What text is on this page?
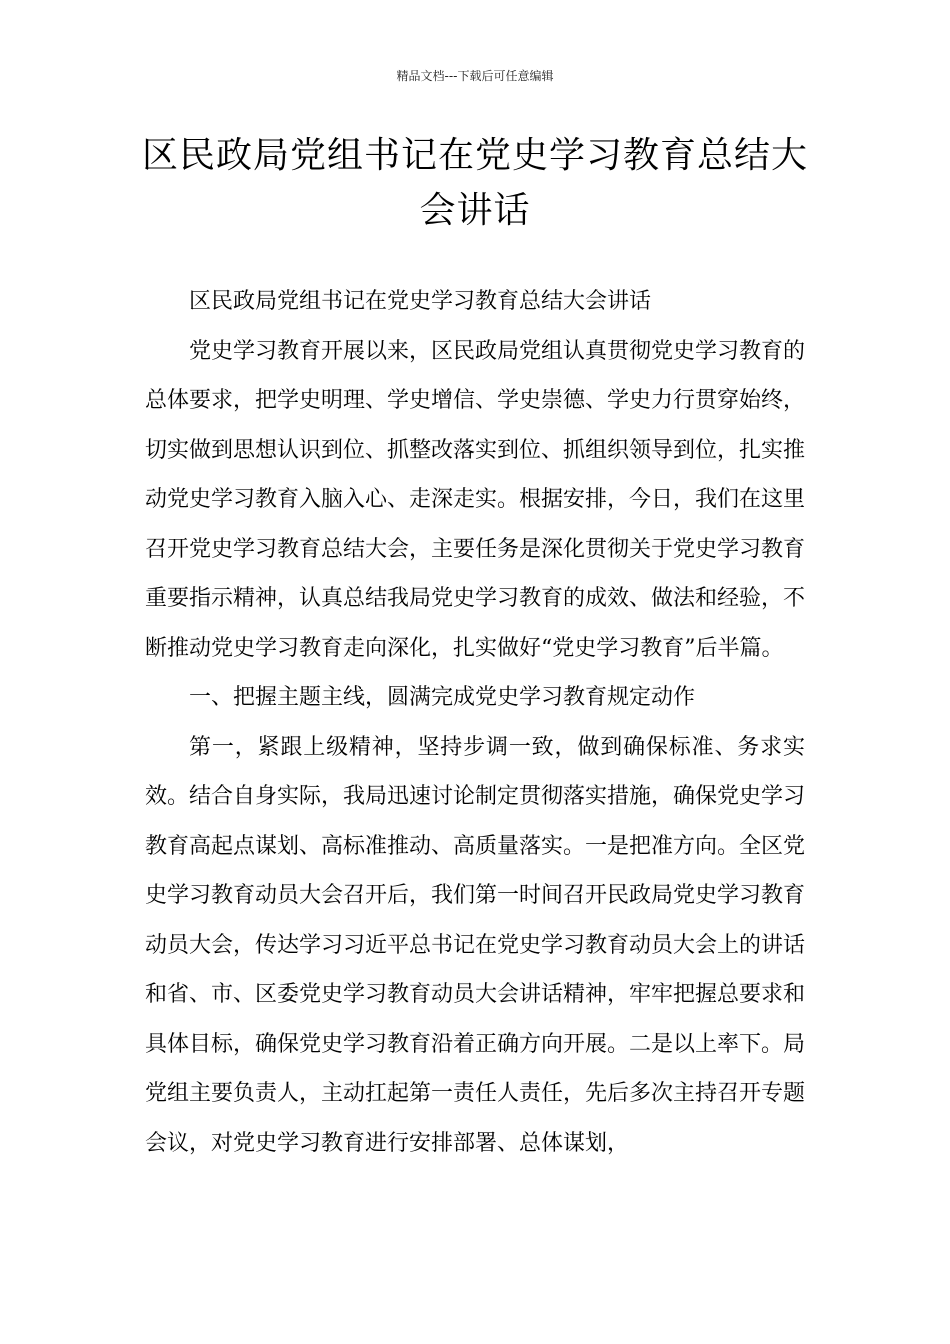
精品文档---下载后可任意编辑
区民政局党组书记在党史学习教育总结大会讲话

区民政局党组书记在党史学习教育总结大会讲话

党史学习教育开展以来，区民政局党组认真贯彻党史学习教育的总体要求，把学史明理、学史增信、学史崇德、学史力行贯穿始终，切实做到思想认识到位、抓整改落实到位、抓组织领导到位，扎实推动党史学习教育入脑入心、走深走实。根据安排，今日，我们在这里召开党史学习教育总结大会，主要任务是深化贯彻关于党史学习教育重要指示精神，认真总结我局党史学习教育的成效、做法和经验，不断推动党史学习教育走向深化，扎实做好“党史学习教育”后半篇。

一、把握主题主线，圆满完成党史学习教育规定动作

第一，紧跟上级精神，坚持步调一致，做到确保标准、务求实效。结合自身实际，我局迅速讨论制定贯彻落实措施，确保党史学习教育高起点谋划、高标准推动、高质量落实。一是把准方向。全区党史学习教育动员大会召开后，我们第一时间召开民政局党史学习教育动员大会，传达学习习近平总书记在党史学习教育动员大会上的讲话和省、市、区委党史学习教育动员大会讲话精神，牢牢把握总要求和具体目标，确保党史学习教育沿着正确方向开展。二是以上率下。局党组主要负责人，主动扛起第一责任人责任，先后多次主持召开专题会议，对党史学习教育进行安排部署、总体谋划，
